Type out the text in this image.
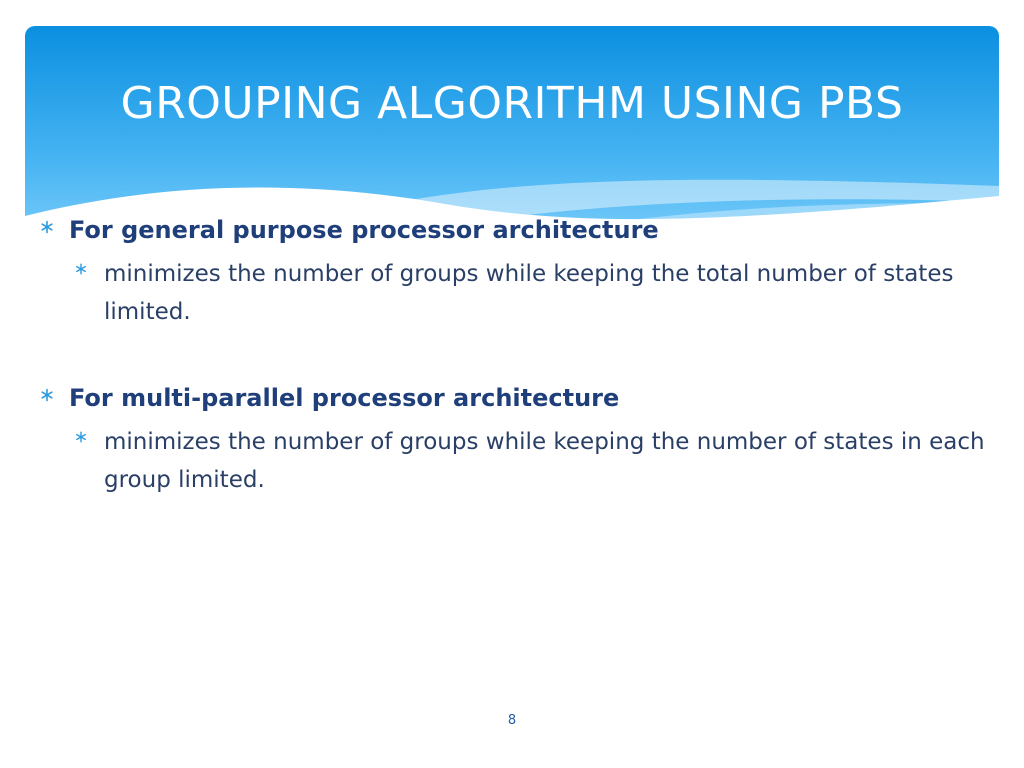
GROUPING ALGORITHM USING PBS
For general purpose processor architecture
minimizes the number of groups while keeping the total number of states limited.
For multi-parallel processor architecture
minimizes the number of groups while keeping the number of states in each group limited.
8
